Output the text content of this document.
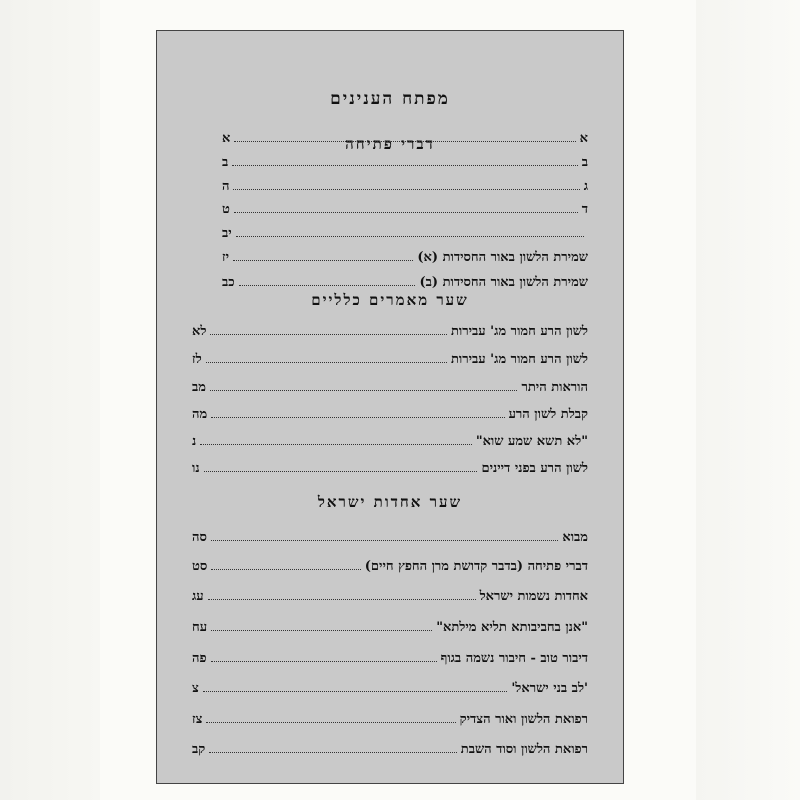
מפתח הענינים
דברי פתיחה	א
א
ב
ב
ג
ה
ד
ט
יב
שמירת הלשון באור החסידות (א)
יז
שמירת הלשון באור החסידות (ב)
כב
שער מאמרים כלליים
לשון הרע חמור מג' עבירות
לא
לשון הרע חמור מג' עבירות
לז
הוראות היתר
מב
קבלת לשון הרע
מה
"לא תשא שמע שוא"
נ
לשון הרע בפני דיינים
נו
שער אחדות ישראל
מבוא
סה
דברי פתיחה (בדבר קדושת מרן החפץ חיים)
סט
אחדות נשמות ישראל
עג
"אנן בחביבותא תליא מילתא"
עח
דיבור טוב - חיבור נשמה בגוף
פה
'לב בני ישראל'
צ
רפואת הלשון ואור הצדיק
צז
רפואת הלשון וסוד השבת
קב
